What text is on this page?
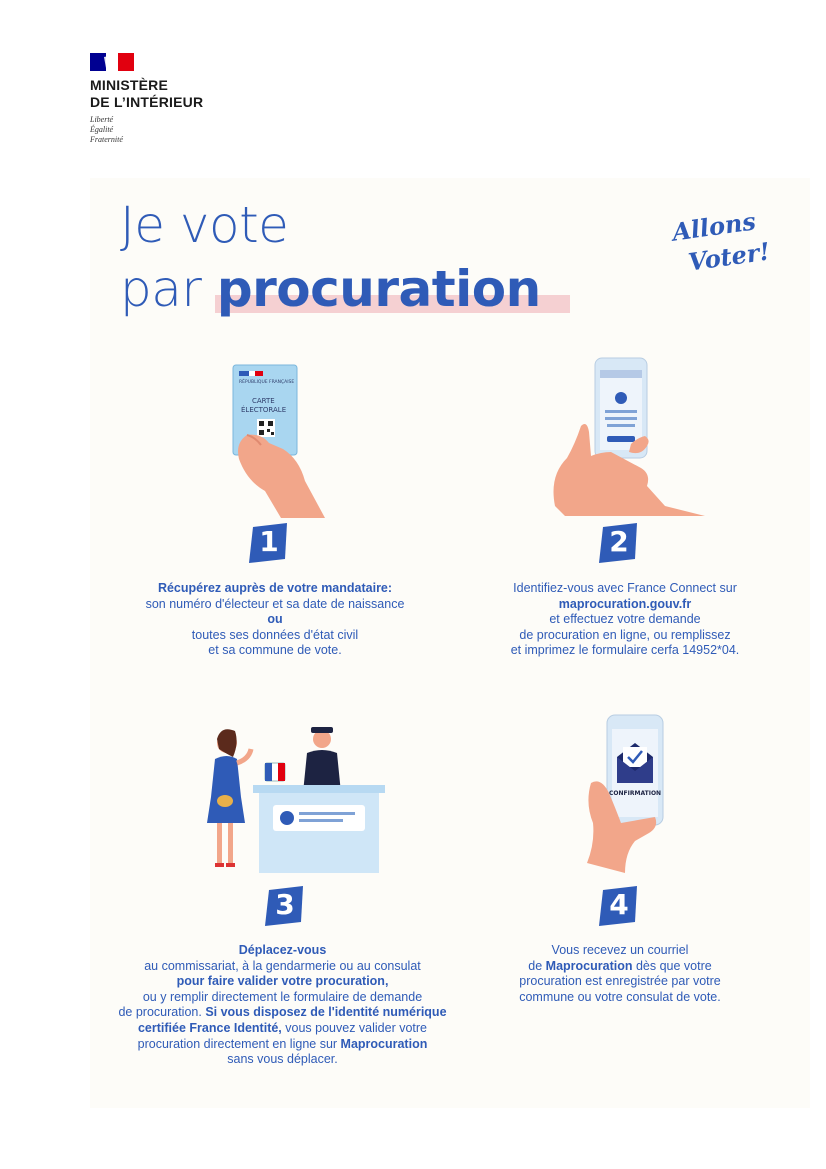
MINISTÈRE
DE L’INTÉRIEUR
Liberté
Égalité
Fraternité
Je vote
par procuration
Allons
Voter!
RÉPUBLIQUE FRANÇAISE
CARTE
ÉLECTORALE
CONFIRMATION
1	2
3	4
Récupérez auprès de votre mandataire:
son numéro d'électeur et sa date de naissance
ou
toutes ses données d'état civil
et sa commune de vote.
Identifiez-vous avec France Connect sur
maprocuration.gouv.fr
et effectuez votre demande
de procuration en ligne, ou remplissez
et imprimez le formulaire cerfa 14952*04.
Déplacez-vous
au commissariat, à la gendarmerie ou au consulat
pour faire valider votre procuration,
ou y remplir directement le formulaire de demande
de procuration. Si vous disposez de l'identité numérique
certifiée France Identité, vous pouvez valider votre
procuration directement en ligne sur Maprocuration
sans vous déplacer.
Vous recevez un courriel
de Maprocuration dès que votre
procuration est enregistrée par votre
commune ou votre consulat de vote.
